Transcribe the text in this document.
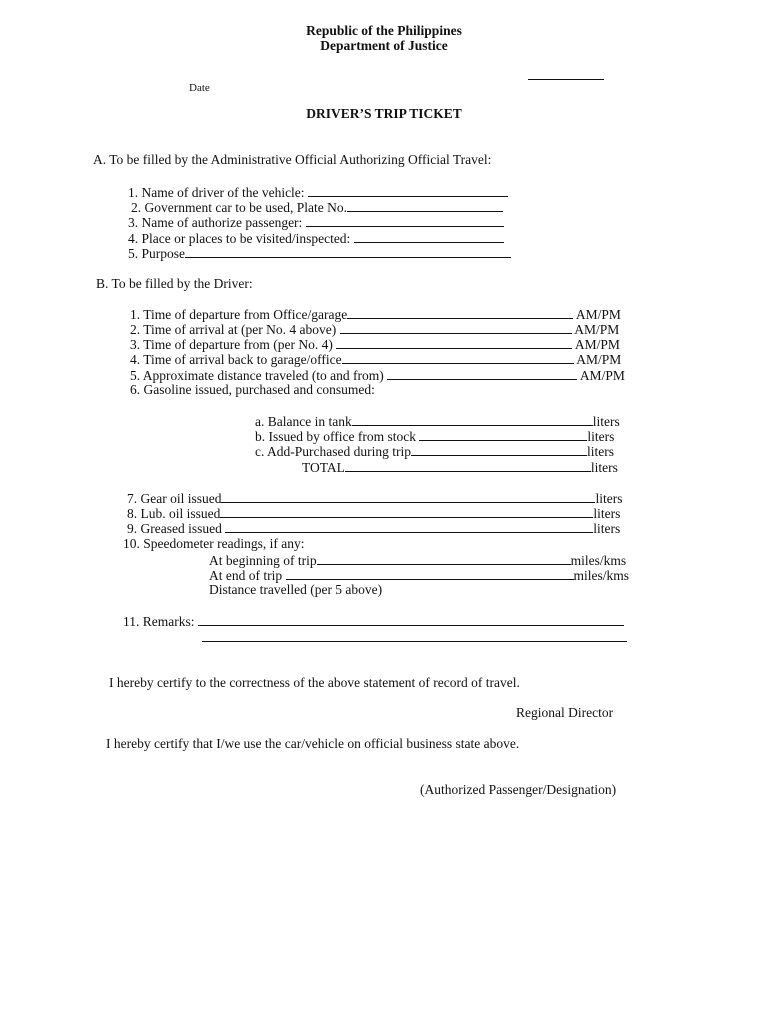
Republic of the Philippines
Department of Justice
Date
DRIVER’S TRIP TICKET
A. To be filled by the Administrative Official Authorizing Official Travel:
1. Name of driver of the vehicle:
2. Government car to be used, Plate No.
3. Name of authorize passenger:
4. Place or places to be visited/inspected:
5. Purpose
B. To be filled by the Driver:
1. Time of departure from Office/garage	AM/PM
2. Time of arrival at (per No. 4 above)	AM/PM
3. Time of departure from (per No. 4)	AM/PM
4. Time of arrival back to garage/office	AM/PM
5. Approximate distance traveled (to and from)	AM/PM
6. Gasoline issued, purchased and consumed:
a. Balance in tank	liters
b. Issued by office from stock	liters
c. Add-Purchased during trip	liters
TOTAL	liters
7. Gear oil issued	liters
8. Lub. oil issued	liters
9. Greased issued	liters
10. Speedometer readings, if any:
At beginning of trip	miles/kms
At end of trip	miles/kms
Distance travelled (per 5 above)
11. Remarks:
I hereby certify to the correctness of the above statement of record of travel.
Regional Director
I hereby certify that I/we use the car/vehicle on official business state above.
(Authorized Passenger/Designation)
